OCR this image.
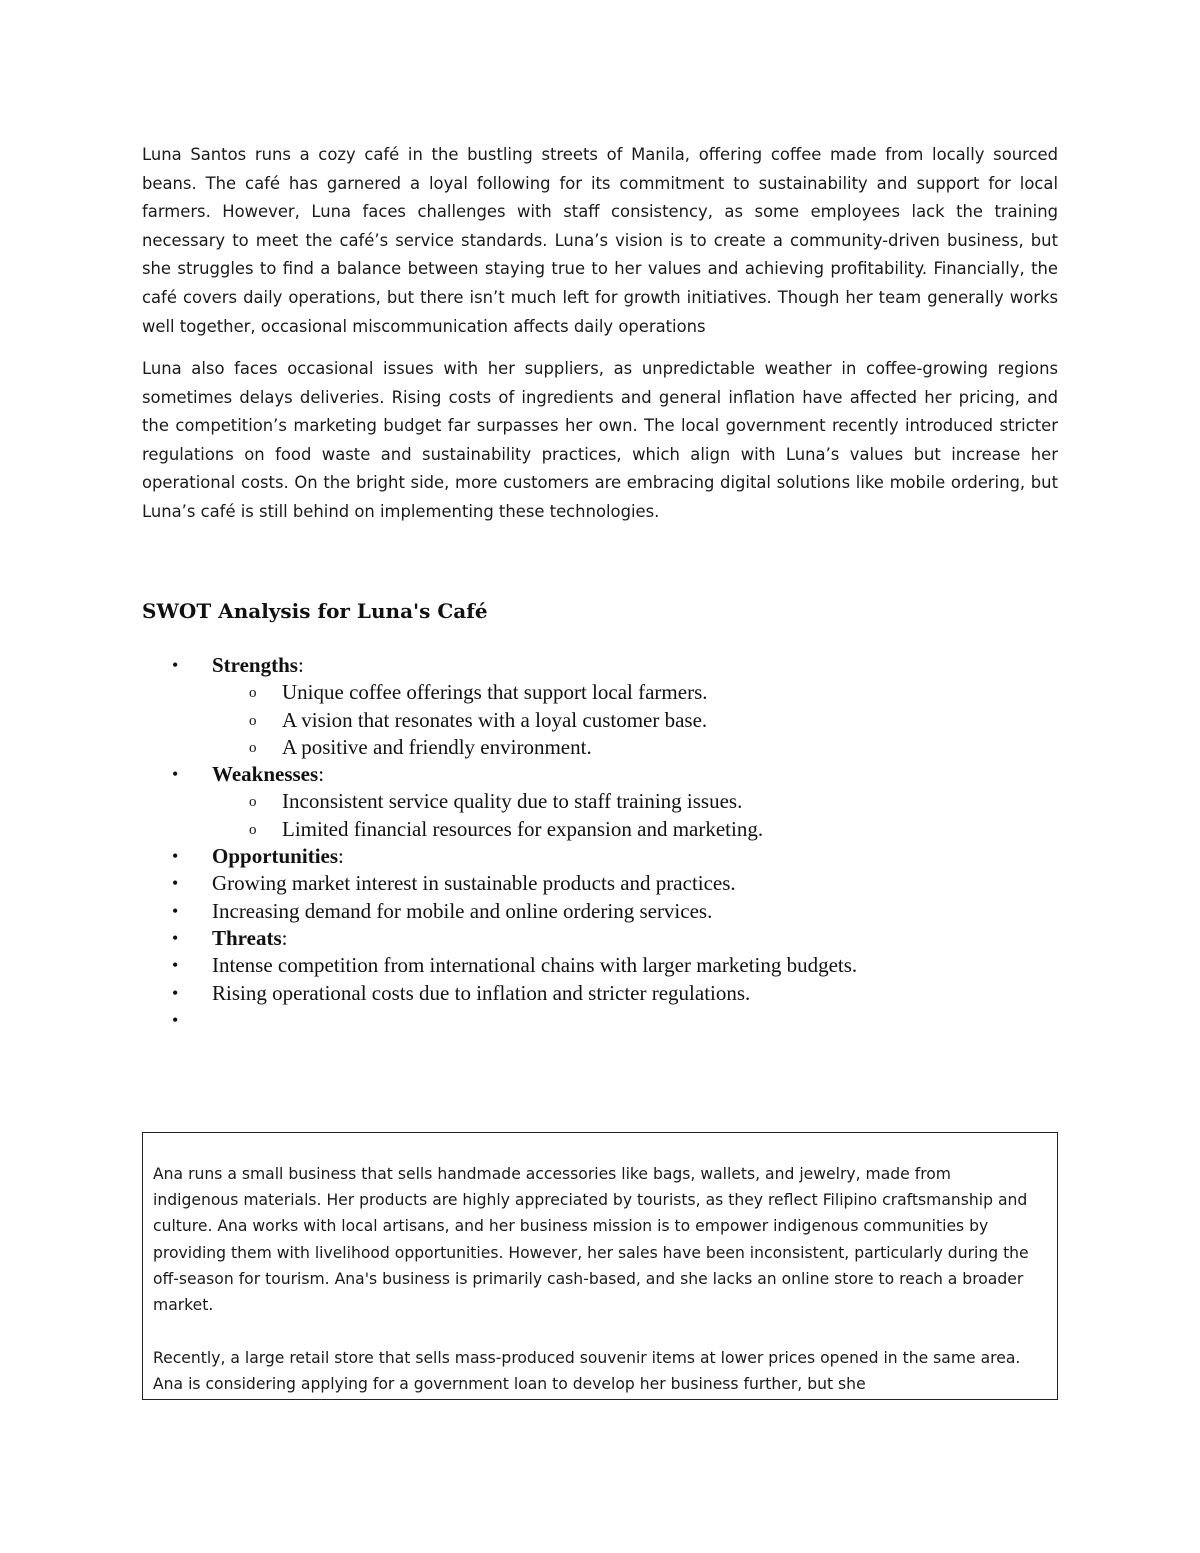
Luna Santos runs a cozy café in the bustling streets of Manila, offering coffee made from locally sourced beans. The café has garnered a loyal following for its commitment to sustainability and support for local farmers. However, Luna faces challenges with staff consistency, as some employees lack the training necessary to meet the café’s service standards. Luna’s vision is to create a community-driven business, but she struggles to find a balance between staying true to her values and achieving profitability. Financially, the café covers daily operations, but there isn’t much left for growth initiatives. Though her team generally works well together, occasional miscommunication affects daily operations

Luna also faces occasional issues with her suppliers, as unpredictable weather in coffee-growing regions sometimes delays deliveries. Rising costs of ingredients and general inflation have affected her pricing, and the competition’s marketing budget far surpasses her own. The local government recently introduced stricter regulations on food waste and sustainability practices, which align with Luna’s values but increase her operational costs. On the bright side, more customers are embracing digital solutions like mobile ordering, but Luna’s café is still behind on implementing these technologies.

SWOT Analysis for Luna's Café
• Strengths:
o Unique coffee offerings that support local farmers.
o A vision that resonates with a loyal customer base.
o A positive and friendly environment.
• Weaknesses:
o Inconsistent service quality due to staff training issues.
o Limited financial resources for expansion and marketing.
• Opportunities:
• Growing market interest in sustainable products and practices.
• Increasing demand for mobile and online ordering services.
• Threats:
• Intense competition from international chains with larger marketing budgets.
• Rising operational costs due to inflation and stricter regulations.
•

Ana runs a small business that sells handmade accessories like bags, wallets, and jewelry, made from indigenous materials. Her products are highly appreciated by tourists, as they reflect Filipino craftsmanship and culture. Ana works with local artisans, and her business mission is to empower indigenous communities by providing them with livelihood opportunities. However, her sales have been inconsistent, particularly during the off-season for tourism. Ana's business is primarily cash-based, and she lacks an online store to reach a broader market.

Recently, a large retail store that sells mass-produced souvenir items at lower prices opened in the same area. Ana is considering applying for a government loan to develop her business further, but she
